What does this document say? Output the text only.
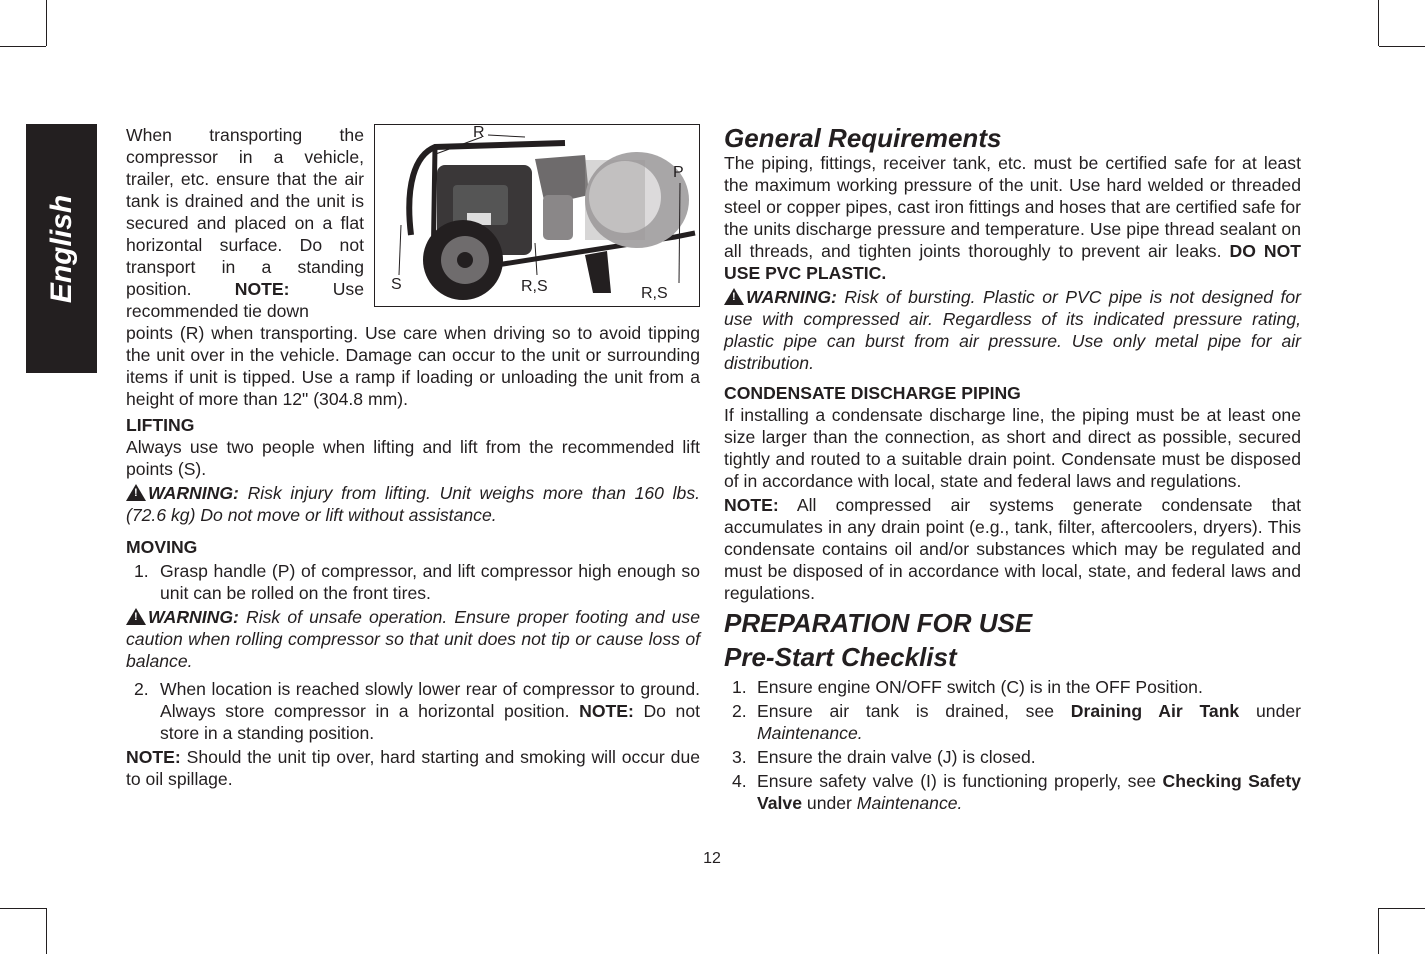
English
R
P
S	R,S	R,S

When transporting the compressor in a vehicle, trailer, etc. ensure that the air tank is drained and the unit is secured and placed on a flat horizontal surface. Do not transport in a standing position. NOTE: Use recommended tie down

points (R) when transporting. Use care when driving so to avoid tipping the unit over in the vehicle. Damage can occur to the unit or surrounding items if unit is tipped. Use a ramp if loading or unloading the unit from a height of more than 12" (304.8 mm).

LIFTING

Always use two people when lifting and lift from the recommended lift points (S).

!WARNING: Risk injury from lifting. Unit weighs more than 160 lbs. (72.6 kg) Do not move or lift without assistance.

MOVING

1. Grasp handle (P) of compressor, and lift compressor high enough so unit can be rolled on the front tires.

!WARNING: Risk of unsafe operation. Ensure proper footing and use caution when rolling compressor so that unit does not tip or cause loss of balance.

2. When location is reached slowly lower rear of compressor to ground. Always store compressor in a horizontal position. NOTE: Do not store in a standing position.

NOTE: Should the unit tip over, hard starting and smoking will occur due to oil spillage.

General Requirements

The piping, fittings, receiver tank, etc. must be certified safe for at least the maximum working pressure of the unit. Use hard welded or threaded steel or copper pipes, cast iron fittings and hoses that are certified safe for the units discharge pressure and temperature. Use pipe thread sealant on all threads, and tighten joints thoroughly to prevent air leaks. DO NOT USE PVC PLASTIC.

!WARNING: Risk of bursting. Plastic or PVC pipe is not designed for use with compressed air. Regardless of its indicated pressure rating, plastic pipe can burst from air pressure. Use only metal pipe for air distribution.

CONDENSATE DISCHARGE PIPING

If installing a condensate discharge line, the piping must be at least one size larger than the connection, as short and direct as possible, secured tightly and routed to a suitable drain point. Condensate must be disposed of in accordance with local, state and federal laws and regulations.

NOTE: All compressed air systems generate condensate that accumulates in any drain point (e.g., tank, filter, aftercoolers, dryers). This condensate contains oil and/or substances which may be regulated and must be disposed of in accordance with local, state, and federal laws and regulations.

PREPARATION FOR USE

Pre-Start Checklist

1. Ensure engine ON/OFF switch (C) is in the OFF Position.
2. Ensure air tank is drained, see Draining Air Tank under Maintenance.
3. Ensure the drain valve (J) is closed.
4. Ensure safety valve (I) is functioning properly, see Checking Safety Valve under Maintenance.
12
